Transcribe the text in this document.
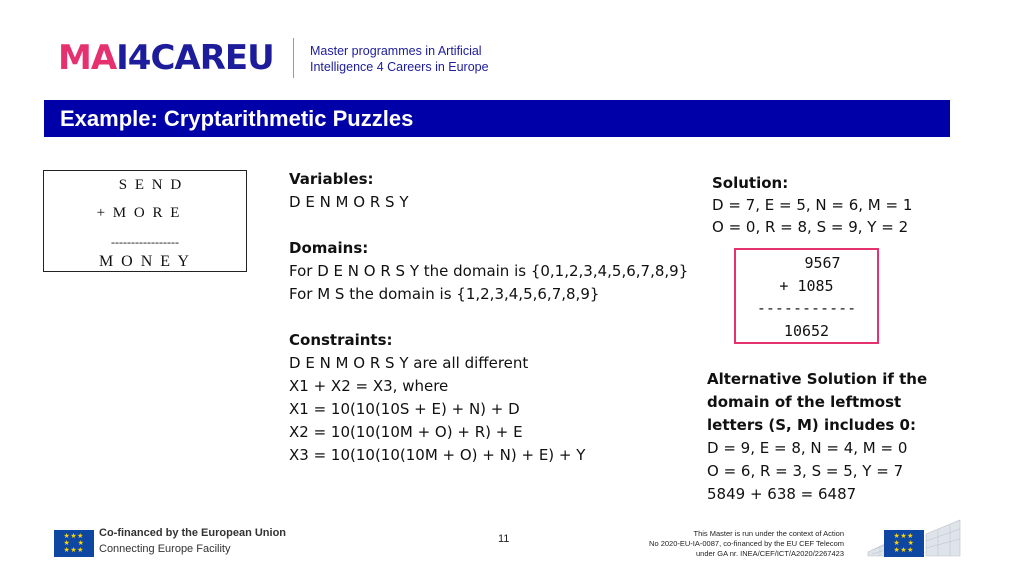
MA I4CAR EU	Master programmes in Artificial
Intelligence 4 Careers in Europe
Example: Cryptarithmetic Puzzles
S E N D
+ M O R E
-----------------
M O N E Y
Variables:
D E N M O R S Y
Domains:
For D E N O R S Y the domain is {0,1,2,3,4,5,6,7,8,9}
For M S the domain is {1,2,3,4,5,6,7,8,9}
Constraints:
D E N M O R S Y are all different
X1 + X2 = X3, where
X1 = 10(10(10S + E) + N) + D
X2 = 10(10(10M + O) + R) + E
X3 = 10(10(10(10M + O) + N) + E) + Y
Solution:
D = 7, E = 5, N = 6, M = 1
O = 0, R = 8, S = 9, Y = 2
9567
+ 1085
-----------
10652
Alternative Solution if the
domain of the leftmost
letters (S, M) includes 0:
D = 9, E = 8, N = 4, M = 0
O = 6, R = 3, S = 5, Y = 7
5849 + 638 = 6487
★★★
★   ★
★★★
Co-financed by the European Union
Connecting Europe Facility
11	This Master is run under the context of Action
No 2020-EU-IA-0087, co-financed by the EU CEF Telecom
under GA nr. INEA/CEF/ICT/A2020/2267423
★★★
★   ★
★★★
